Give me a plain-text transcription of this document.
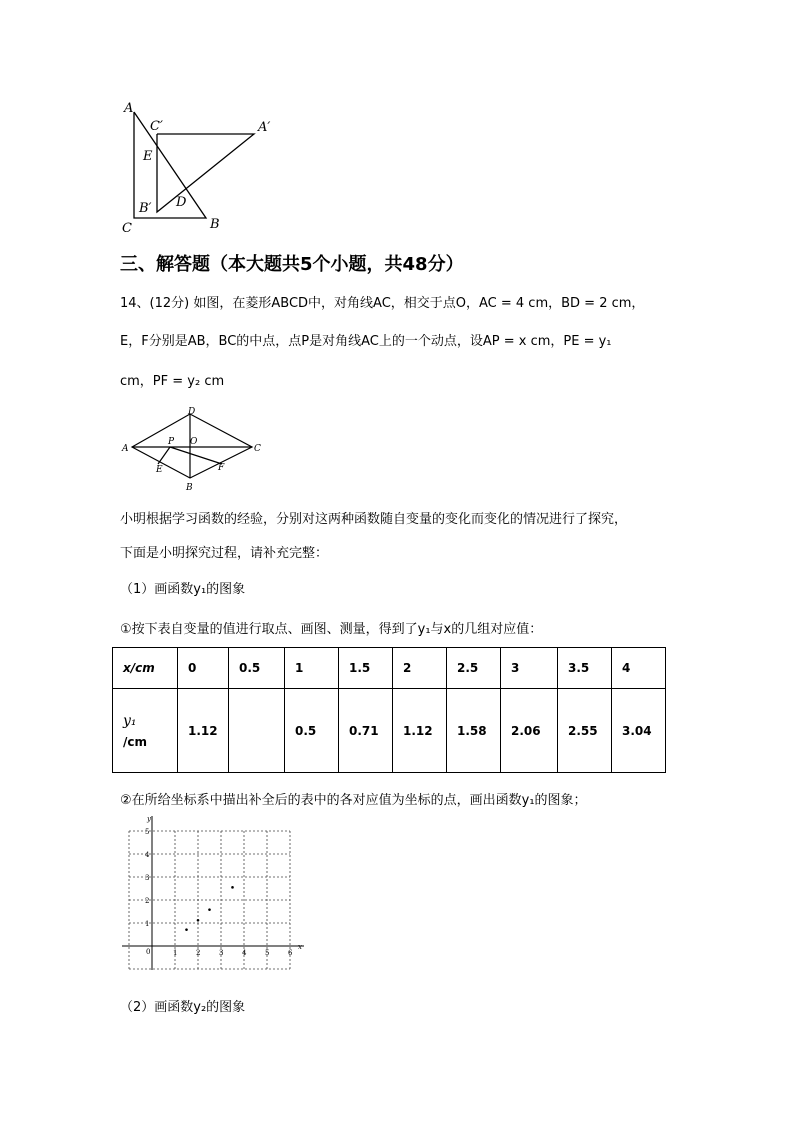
A
C′	A′
E
D
B′
C	B
三、解答题（本大题共5个小题，共48分）
14、(12分) 如图，在菱形ABCD中，对角线AC，相交于点O，AC = 4 cm，BD = 2 cm，
E，F分别是AB，BC的中点，点P是对角线AC上的一个动点，设AP = x cm，PE = y₁
cm，PF = y₂ cm
D
A
P O
C
E
B
F
小明根据学习函数的经验，分别对这两种函数随自变量的变化而变化的情况进行了探究，
下面是小明探究过程，请补充完整：
（1）画函数y₁的图象
①按下表自变量的值进行取点、画图、测量，得到了y₁与x的几组对应值：
x/cm	0	0.5	1	1.5	2	2.5	3	3.5	4

y₁
/cm	1.12		0.5	0.71	1.12	1.58	2.06	2.55	3.04
②在所给坐标系中描出补全后的表中的各对应值为坐标的点，画出函数y₁的图象；
x
y
0	1	2	3	4	5	6
1
2
3
4
5
（2）画函数y₂的图象
